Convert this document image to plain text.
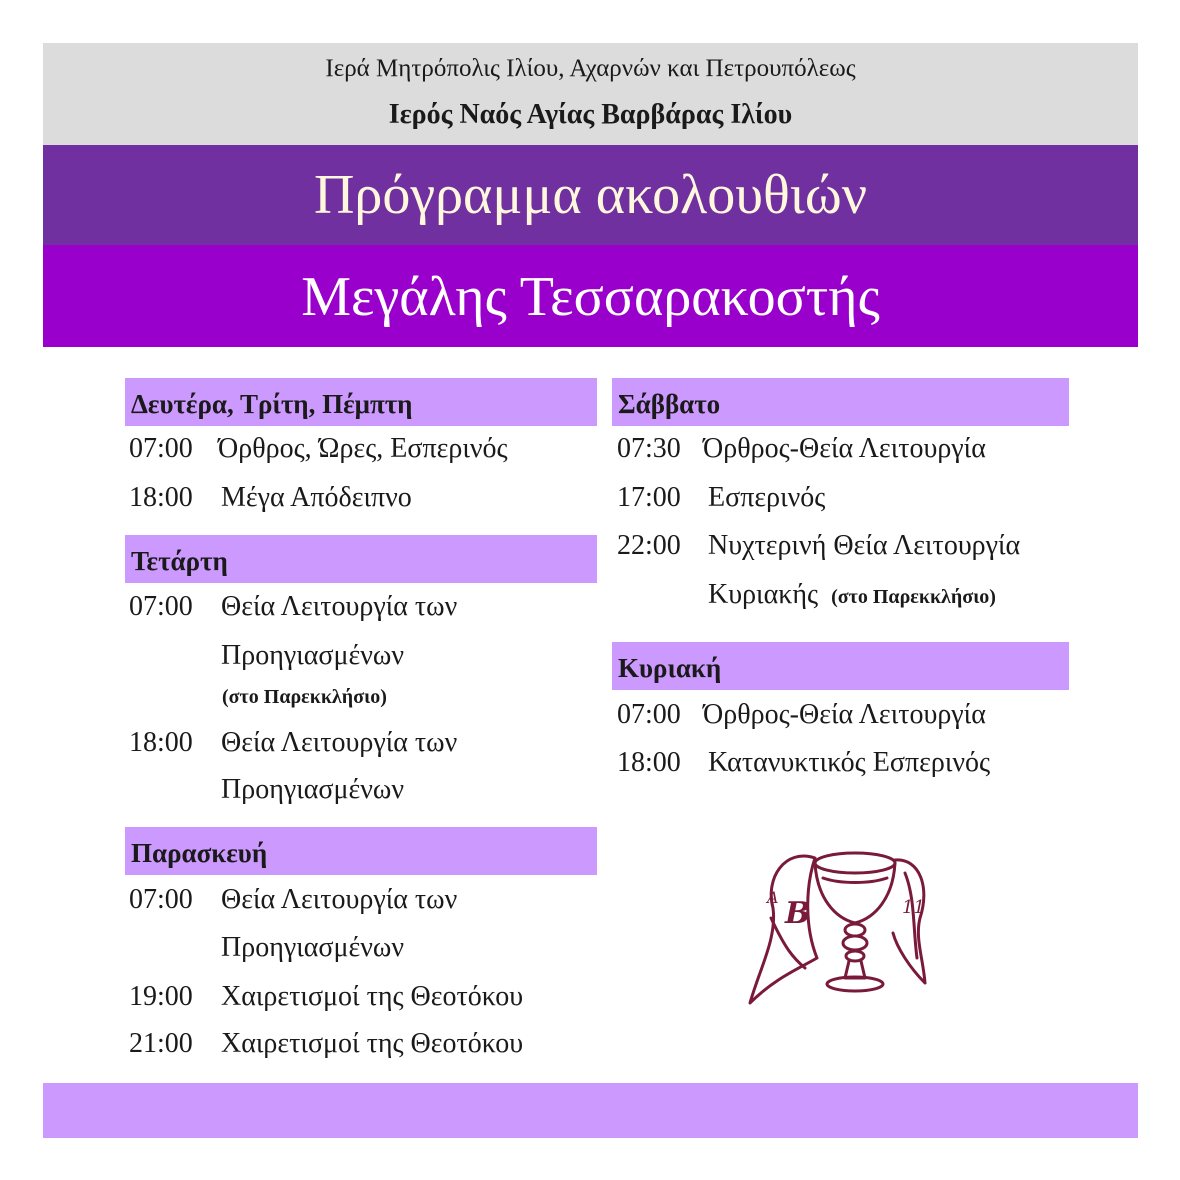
Ιερά Μητρόπολις Ιλίου, Αχαρνών και Πετρουπόλεως
Ιερός Ναός Αγίας Βαρβάρας Ιλίου
Πρόγραμμα ακολουθιών
Μεγάλης Τεσσαρακοστής
Δευτέρα, Τρίτη, Πέμπτη
07:00 Όρθρος, Ώρες, Εσπερινός
18:00 Μέγα Απόδειπνο
Τετάρτη
07:00 Θεία Λειτουργία των
Προηγιασμένων
(στο Παρεκκλήσιο)
18:00 Θεία Λειτουργία των
Προηγιασμένων
Παρασκευή
07:00 Θεία Λειτουργία των
Προηγιασμένων
19:00 Χαιρετισμοί της Θεοτόκου
21:00 Χαιρετισμοί της Θεοτόκου
Σάββατο
07:30 Όρθρος-Θεία Λειτουργία
17:00 Εσπερινός
22:00 Νυχτερινή Θεία Λειτουργία
Κυριακής (στο Παρεκκλήσιο)
Κυριακή
07:00 Όρθρος-Θεία Λειτουργία
18:00 Κατανυκτικός Εσπερινός
B
A	11
